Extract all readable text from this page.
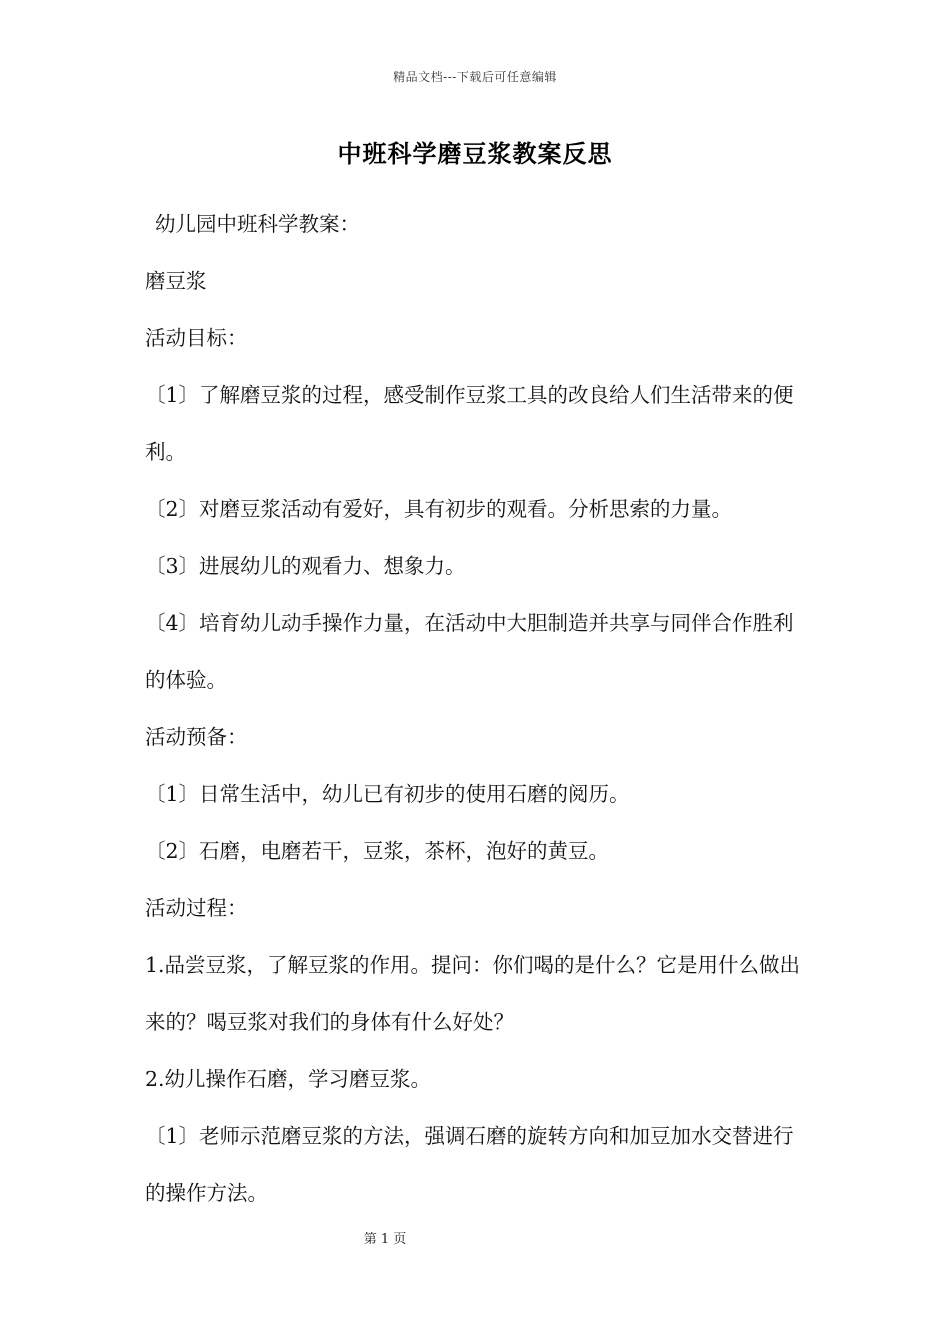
精品文档---下载后可任意编辑
中班科学磨豆浆教案反思

幼儿园中班科学教案：

磨豆浆

活动目标：

〔1〕了解磨豆浆的过程，感受制作豆浆工具的改良给人们生活带来的便利。

〔2〕对磨豆浆活动有爱好，具有初步的观看。分析思索的力量。

〔3〕进展幼儿的观看力、想象力。

〔4〕培育幼儿动手操作力量，在活动中大胆制造并共享与同伴合作胜利的体验。

活动预备：

〔1〕日常生活中，幼儿已有初步的使用石磨的阅历。

〔2〕石磨，电磨若干，豆浆，茶杯，泡好的黄豆。

活动过程：

1.品尝豆浆，了解豆浆的作用。提问：你们喝的是什么？它是用什么做出来的？喝豆浆对我们的身体有什么好处？

2.幼儿操作石磨，学习磨豆浆。

〔1〕老师示范磨豆浆的方法，强调石磨的旋转方向和加豆加水交替进行的操作方法。

第 1 页
